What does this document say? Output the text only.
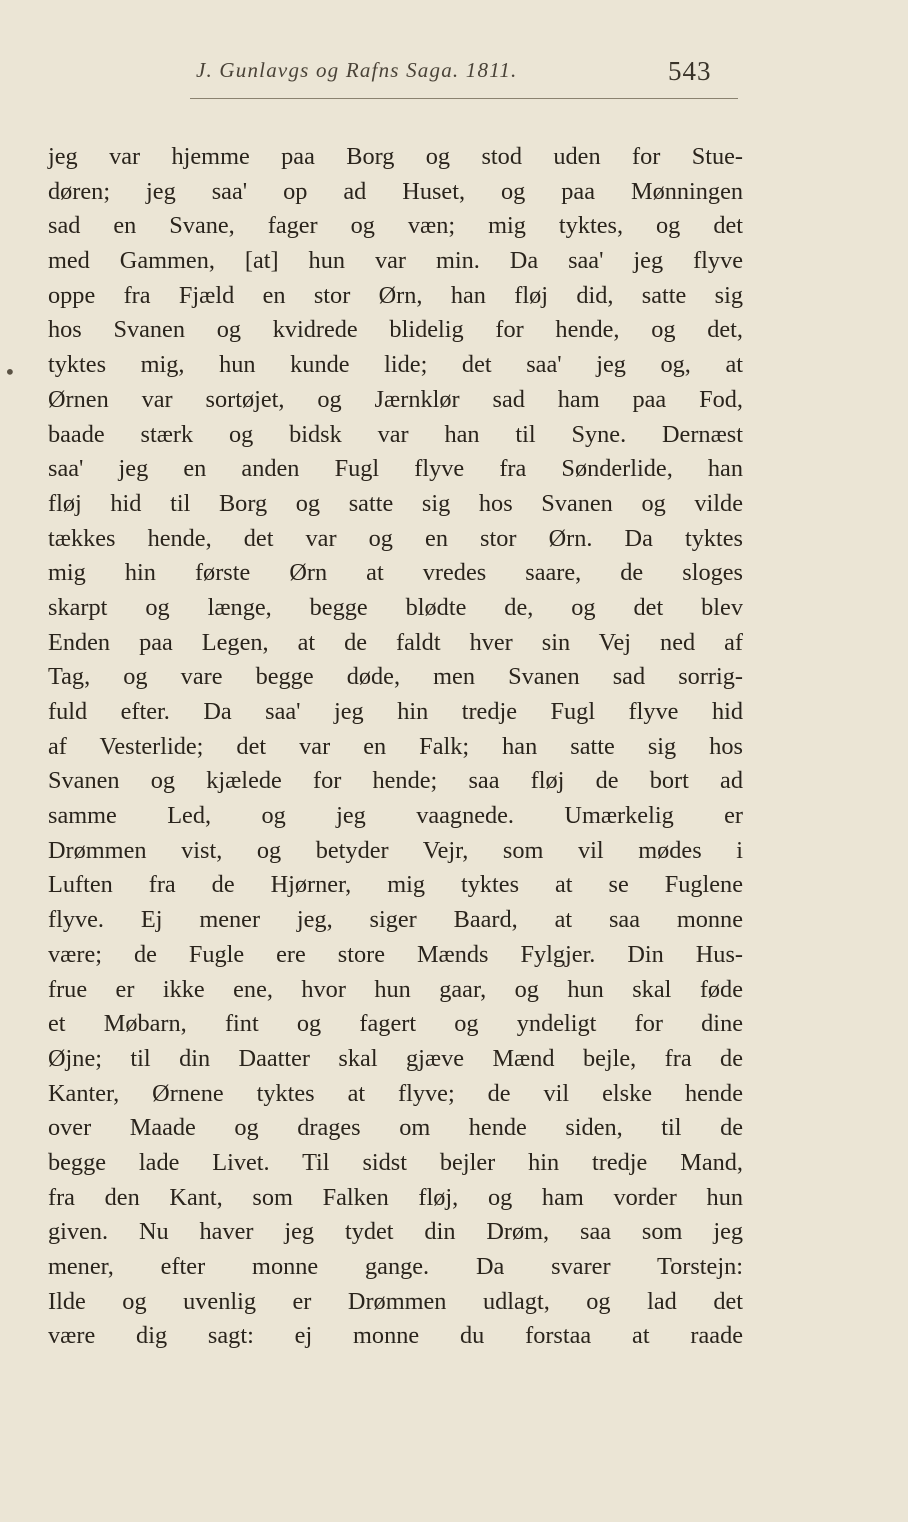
J. Gunlavgs og Rafns Saga. 1811.	543
•
jeg var hjemme paa Borg og stod uden for Stue-
døren; jeg saa' op ad Huset, og paa Mønningen
sad en Svane, fager og væn; mig tyktes, og det
med Gammen, [at] hun var min. Da saa' jeg flyve
oppe fra Fjæld en stor Ørn, han fløj did, satte sig
hos Svanen og kvidrede blidelig for hende, og det,
tyktes mig, hun kunde lide; det saa' jeg og, at
Ørnen var sortøjet, og Jærnklør sad ham paa Fod,
baade stærk og bidsk var han til Syne. Dernæst
saa' jeg en anden Fugl flyve fra Sønderlide, han
fløj hid til Borg og satte sig hos Svanen og vilde
tækkes hende, det var og en stor Ørn. Da tyktes
mig hin første Ørn at vredes saare, de sloges
skarpt og længe, begge blødte de, og det blev
Enden paa Legen, at de faldt hver sin Vej ned af
Tag, og vare begge døde, men Svanen sad sorrig-
fuld efter. Da saa' jeg hin tredje Fugl flyve hid
af Vesterlide; det var en Falk; han satte sig hos
Svanen og kjælede for hende; saa fløj de bort ad
samme Led, og jeg vaagnede. Umærkelig er
Drømmen vist, og betyder Vejr, som vil mødes i
Luften fra de Hjørner, mig tyktes at se Fuglene
flyve. Ej mener jeg, siger Baard, at saa monne
være; de Fugle ere store Mænds Fylgjer. Din Hus-
frue er ikke ene, hvor hun gaar, og hun skal føde
et Møbarn, fint og fagert og yndeligt for dine
Øjne; til din Daatter skal gjæve Mænd bejle, fra de
Kanter, Ørnene tyktes at flyve; de vil elske hende
over Maade og drages om hende siden, til de
begge lade Livet. Til sidst bejler hin tredje Mand,
fra den Kant, som Falken fløj, og ham vorder hun
given. Nu haver jeg tydet din Drøm, saa som jeg
mener, efter monne gange. Da svarer Torstejn:
Ilde og uvenlig er Drømmen udlagt, og lad det
være dig sagt: ej monne du forstaa at raade
